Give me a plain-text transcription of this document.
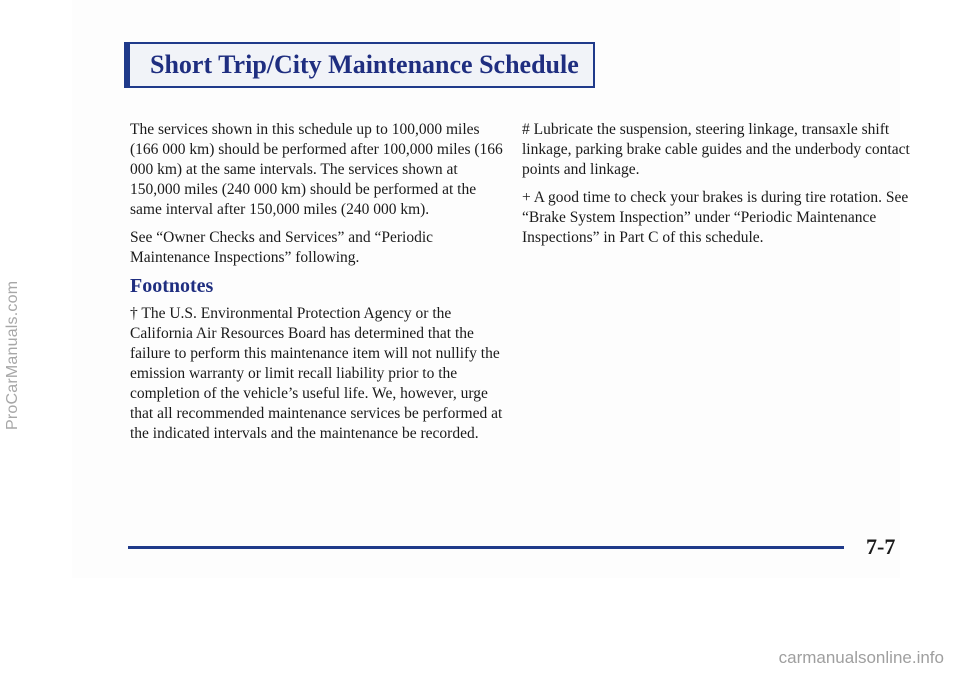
ProCarManuals.com
Short Trip/City Maintenance Schedule

The services shown in this schedule up to 100,000 miles (166 000 km) should be performed after 100,000 miles (166 000 km) at the same intervals. The services shown at 150,000 miles (240 000 km) should be performed at the same interval after 150,000 miles (240 000 km).

See “Owner Checks and Services” and “Periodic Maintenance Inspections” following.

Footnotes

† The U.S. Environmental Protection Agency or the California Air Resources Board has determined that the failure to perform this maintenance item will not nullify the emission warranty or limit recall liability prior to the completion of the vehicle’s useful life. We, however, urge that all recommended maintenance services be performed at the indicated intervals and the maintenance be recorded.

# Lubricate the suspension, steering linkage, transaxle shift linkage, parking brake cable guides and the underbody contact points and linkage.

+ A good time to check your brakes is during tire rotation. See “Brake System Inspection” under “Periodic Maintenance Inspections” in Part C of this schedule.

7-7
carmanualsonline.info
